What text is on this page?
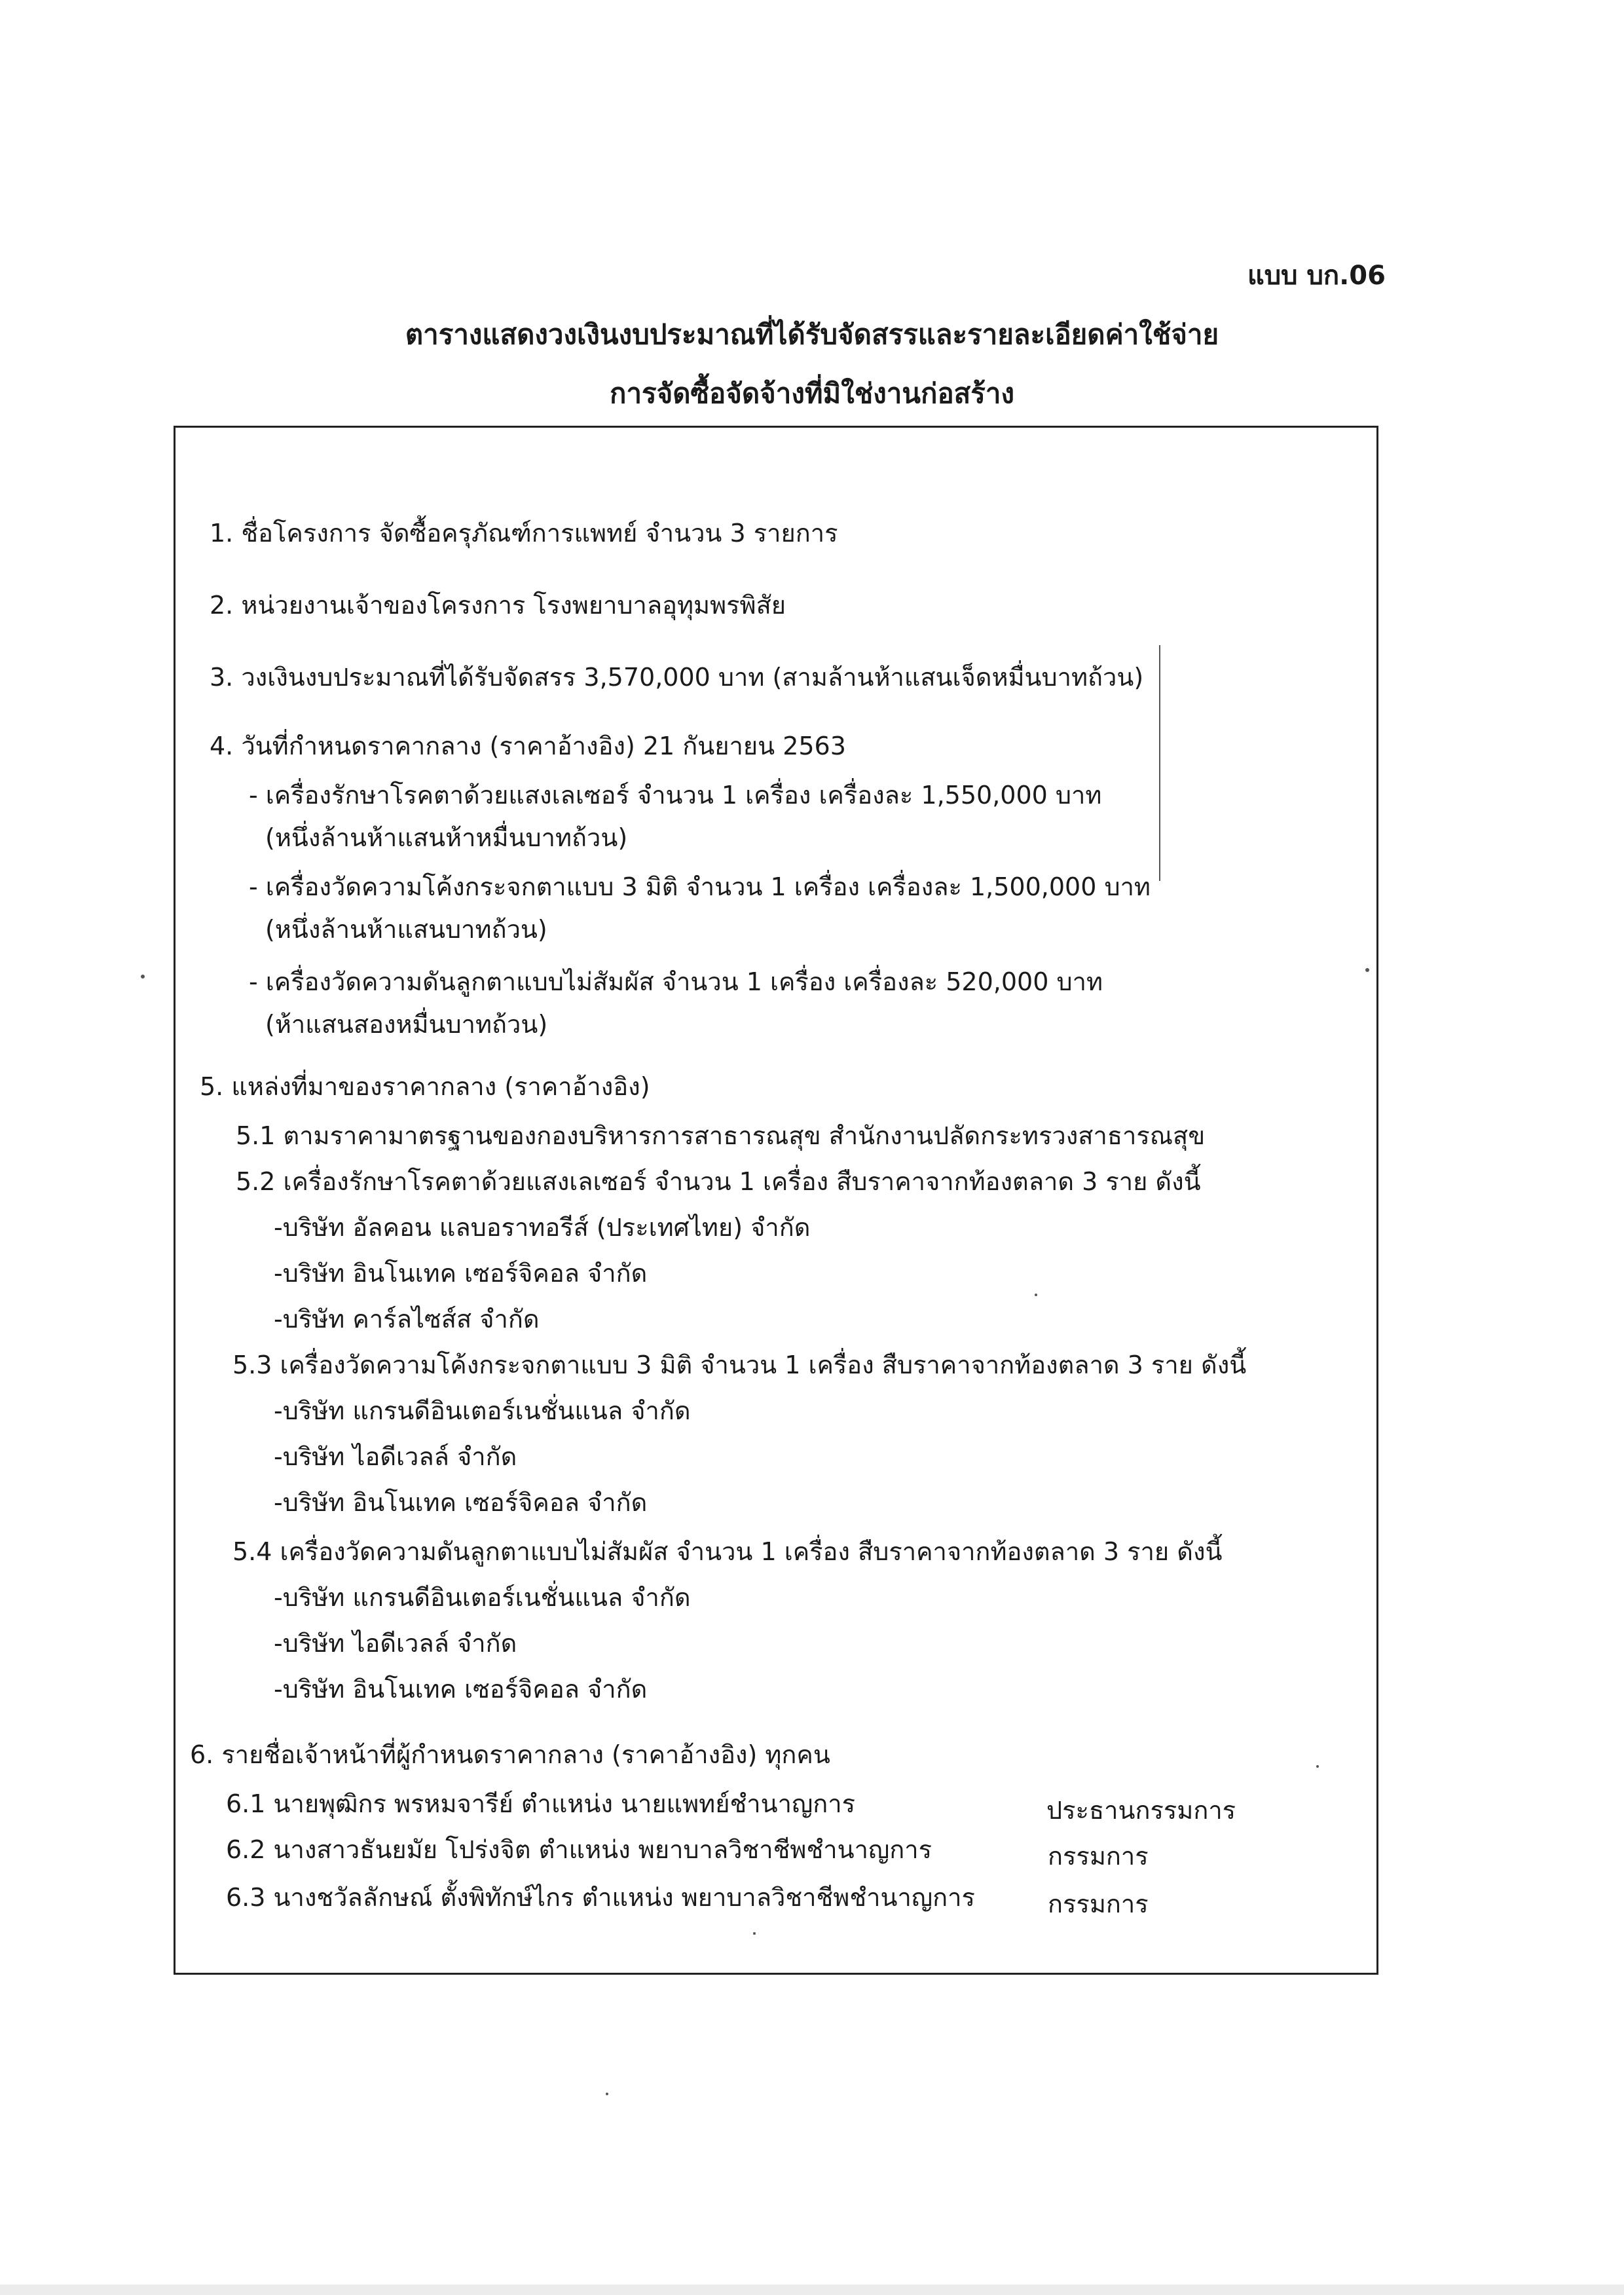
แบบ บก.06
ตารางแสดงวงเงินงบประมาณที่ได้รับจัดสรรและรายละเอียดค่าใช้จ่าย
การจัดซื้อจัดจ้างที่มิใช่งานก่อสร้าง
1. ชื่อโครงการ จัดซื้อครุภัณฑ์การแพทย์ จำนวน 3 รายการ
2. หน่วยงานเจ้าของโครงการ โรงพยาบาลอุทุมพรพิสัย
3. วงเงินงบประมาณที่ได้รับจัดสรร 3,570,000 บาท (สามล้านห้าแสนเจ็ดหมื่นบาทถ้วน)
4. วันที่กำหนดราคากลาง (ราคาอ้างอิง) 21 กันยายน 2563
- เครื่องรักษาโรคตาด้วยแสงเลเซอร์ จำนวน 1 เครื่อง เครื่องละ 1,550,000 บาท
(หนึ่งล้านห้าแสนห้าหมื่นบาทถ้วน)
- เครื่องวัดความโค้งกระจกตาแบบ 3 มิติ จำนวน 1 เครื่อง เครื่องละ 1,500,000 บาท
(หนึ่งล้านห้าแสนบาทถ้วน)
- เครื่องวัดความดันลูกตาแบบไม่สัมผัส จำนวน 1 เครื่อง เครื่องละ 520,000 บาท
(ห้าแสนสองหมื่นบาทถ้วน)
5. แหล่งที่มาของราคากลาง (ราคาอ้างอิง)
5.1 ตามราคามาตรฐานของกองบริหารการสาธารณสุข สำนักงานปลัดกระทรวงสาธารณสุข
5.2 เครื่องรักษาโรคตาด้วยแสงเลเซอร์ จำนวน 1 เครื่อง สืบราคาจากท้องตลาด 3 ราย ดังนี้
-บริษัท อัลคอน แลบอราทอรีส์ (ประเทศไทย) จำกัด
-บริษัท อินโนเทค เซอร์จิคอล จำกัด
-บริษัท คาร์ลไซส์ส จำกัด
5.3 เครื่องวัดความโค้งกระจกตาแบบ 3 มิติ จำนวน 1 เครื่อง สืบราคาจากท้องตลาด 3 ราย ดังนี้
-บริษัท แกรนดีอินเตอร์เนชั่นแนล จำกัด
-บริษัท ไอดีเวลล์ จำกัด
-บริษัท อินโนเทค เซอร์จิคอล จำกัด
5.4 เครื่องวัดความดันลูกตาแบบไม่สัมผัส จำนวน 1 เครื่อง สืบราคาจากท้องตลาด 3 ราย ดังนี้
-บริษัท แกรนดีอินเตอร์เนชั่นแนล จำกัด
-บริษัท ไอดีเวลล์ จำกัด
-บริษัท อินโนเทค เซอร์จิคอล จำกัด
6. รายชื่อเจ้าหน้าที่ผู้กำหนดราคากลาง (ราคาอ้างอิง) ทุกคน
6.1 นายพุฒิกร พรหมจารีย์ ตำแหน่ง นายแพทย์ชำนาญการ	ประธานกรรมการ
6.2 นางสาวธันยมัย โปร่งจิต ตำแหน่ง พยาบาลวิชาชีพชำนาญการ	กรรมการ
6.3 นางชวัลลักษณ์ ตั้งพิทักษ์ไกร ตำแหน่ง พยาบาลวิชาชีพชำนาญการ	กรรมการ
